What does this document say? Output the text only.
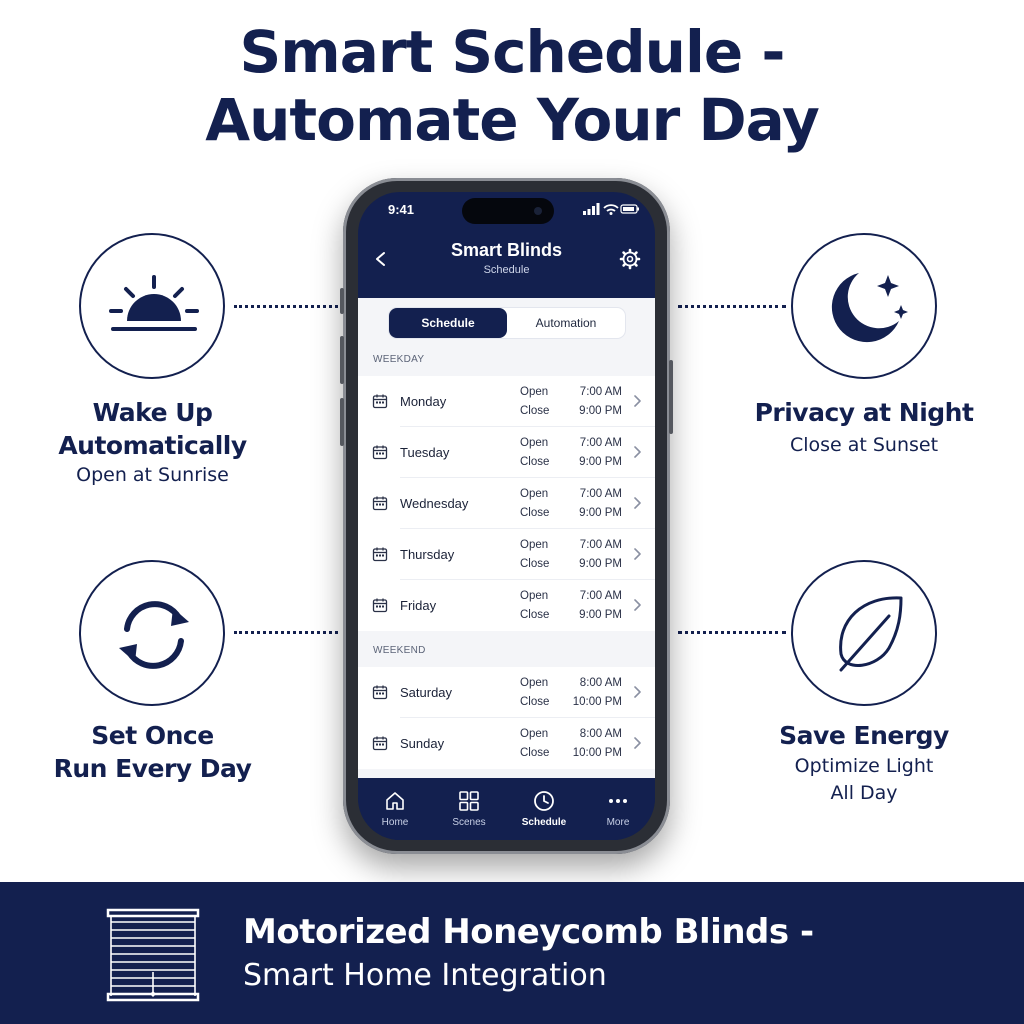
Smart Schedule -
Automate Your Day
Wake Up
Automatically
Open at Sunrise
Set Once
Run Every Day
Privacy at Night
Close at Sunset
Save Energy
Optimize Light
All Day
9:41
Smart Blinds
Schedule
Schedule	Automation
WEEKDAY
Monday
Open	7:00 AM
Close	9:00 PM
Tuesday
Open	7:00 AM
Close	9:00 PM
Wednesday
Open	7:00 AM
Close	9:00 PM
Thursday
Open	7:00 AM
Close	9:00 PM
Friday
Open	7:00 AM
Close	9:00 PM
WEEKEND
Saturday
Open	8:00 AM
Close	10:00 PM
Sunday
Open	8:00 AM
Close	10:00 PM
Home	Scenes	Schedule	More
Motorized Honeycomb Blinds -
Smart Home Integration
